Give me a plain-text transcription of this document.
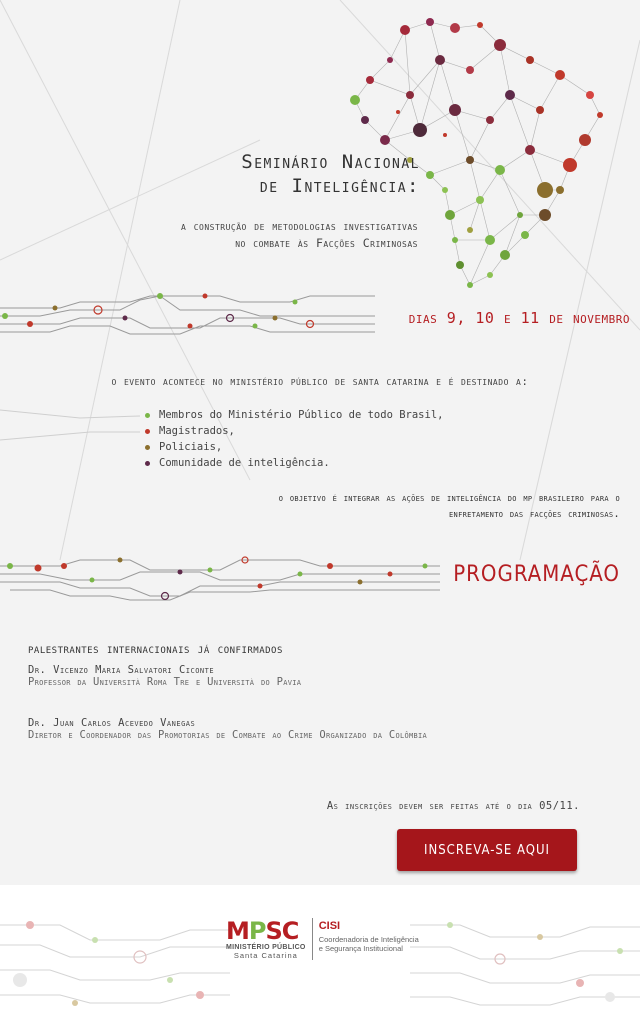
Seminário Nacional
de Inteligência:
a construção de metodologias investigativas
no combate às Facções Criminosas
dias 9, 10 e 11 de novembro
o evento acontece no ministério público de santa catarina e é destinado a:
Membros do Ministério Público de todo Brasil,
Magistrados,
Policiais,
Comunidade de inteligência.
o objetivo é integrar as ações de inteligência do mp brasileiro para o
enfretamento das facções criminosas.
PROGRAMAÇÃO
palestrantes internacionais já confirmados
Dr. Vicenzo Maria Salvatori Ciconte
Professor da Università Roma Tre e Università do Pavia
Dr. Juan Carlos Acevedo Vanegas
Diretor e Coordenador das Promotorias de Combate ao Crime Organizado da Colômbia
As inscrições devem ser feitas até o dia 05/11.
INSCREVA-SE AQUI
MPSC
MINISTÉRIO PÚBLICO
Santa Catarina
CISI
Coordenadoria de Inteligência
e Segurança Institucional
